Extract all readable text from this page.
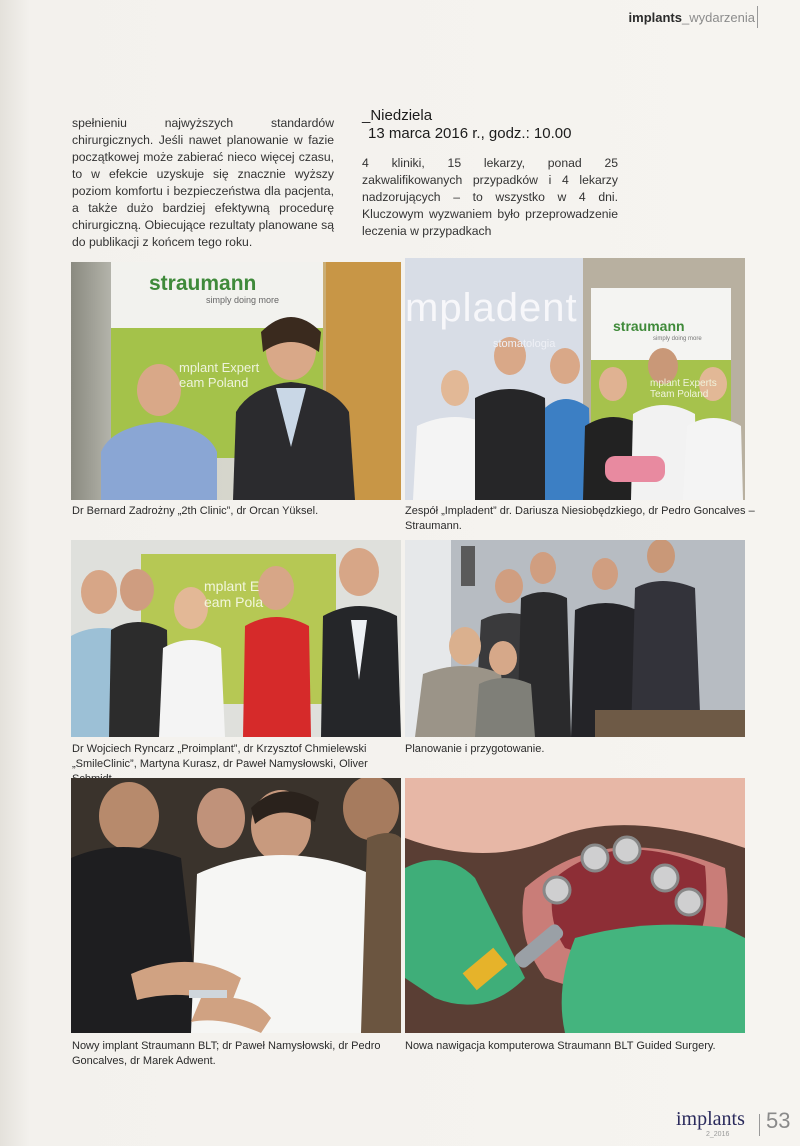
implants_wydarzenia
spełnieniu najwyższych standardów chirurgicznych. Jeśli nawet planowanie w fazie początkowej może zabierać nieco więcej czasu, to w efekcie uzyskuje się znacznie wyższy poziom komfortu i bezpieczeństwa dla pacjenta, a także dużo bardziej efektywną procedurę chirurgiczną. Obiecujące rezultaty planowane są do publikacji z końcem tego roku.
_Niedziela
13 marca 2016 r., godz.: 10.00
4 kliniki, 15 lekarzy, ponad 25 zakwalifikowanych przypadków i 4 lekarzy nadzorujących – to wszystko w 4 dni. Kluczowym wyzwaniem było przeprowadzenie leczenia w przypadkach
straumann
simply doing more
mplant Expert
eam Poland
Dr Bernard Zadrożny „2th Clinic”, dr Orcan Yüksel.
mpladent
stomatologia
straumann
simply doing more
mplant Experts
Team Poland
Zespół „Impladent” dr. Dariusza Niesiobędzkiego, dr Pedro Goncalves – Straumann.
mplant E
eam Pola
Dr Wojciech Ryncarz „Proimplant”, dr Krzysztof Chmielewski „SmileClinic”, Martyna Kurasz, dr Paweł Namysłowski, Oliver
Planowanie i przygotowanie.
Nowy implant Straumann BLT; dr Paweł Namysłowski, dr Pedro Goncalves, dr Marek Adwent.
Nowa nawigacja komputerowa Straumann BLT Guided Surgery.
implants
2_2016
53
